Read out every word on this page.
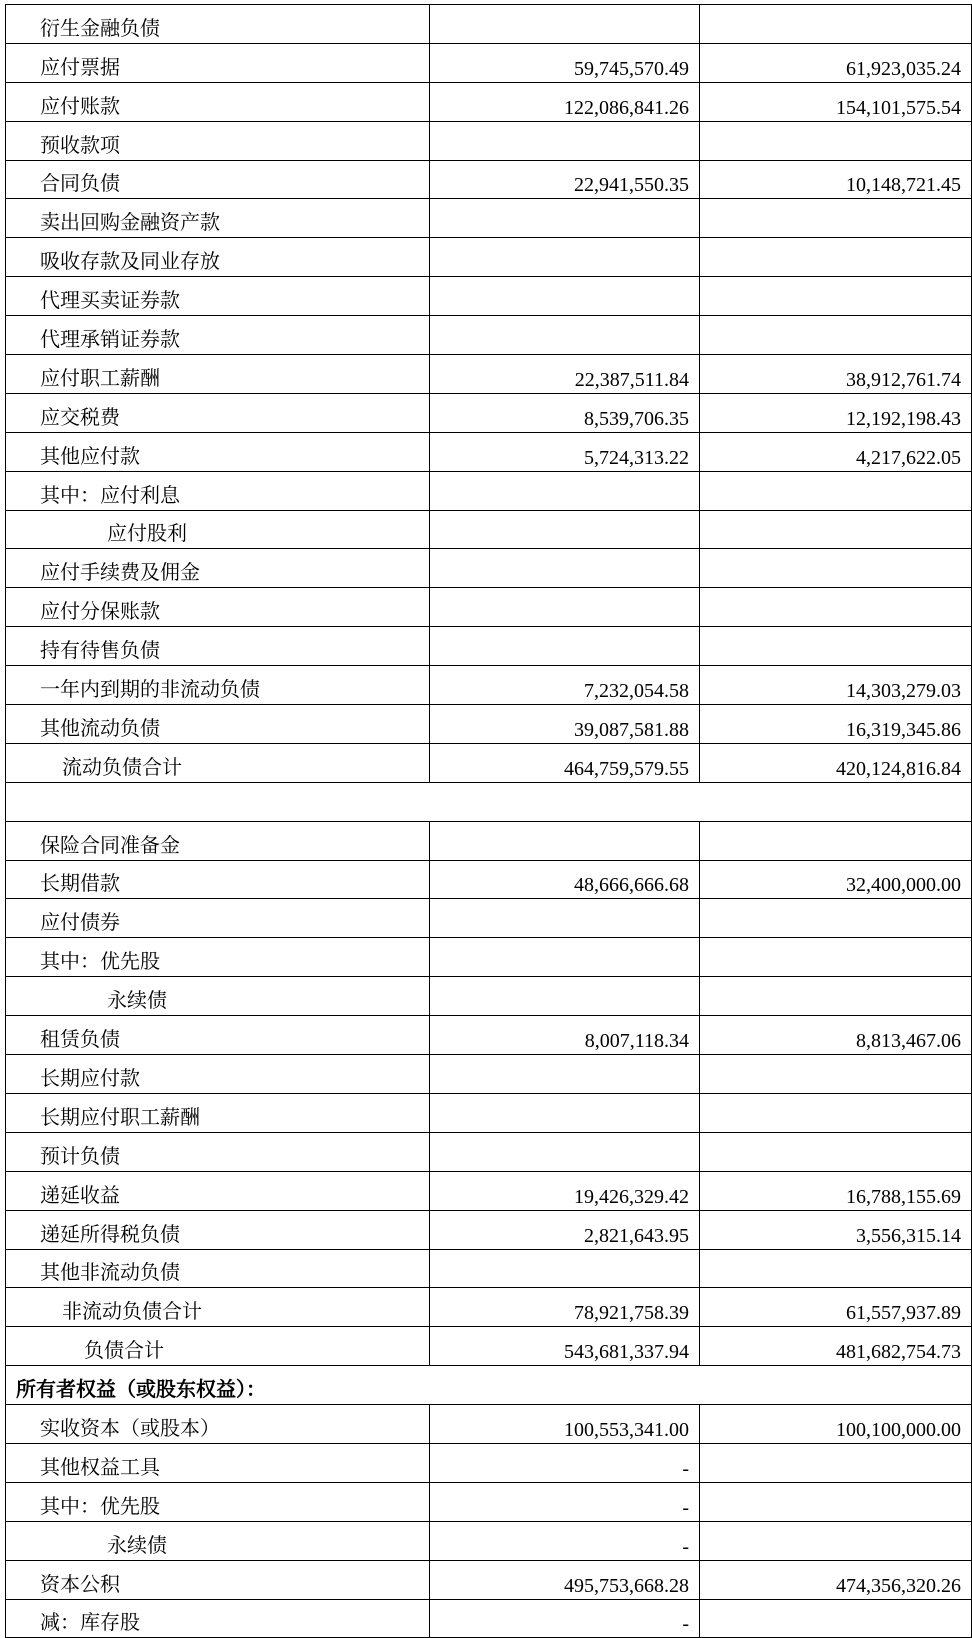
衍生金融负债		
应付票据	59,745,570.49	61,923,035.24
应付账款	122,086,841.26	154,101,575.54
预收款项		
合同负债	22,941,550.35	10,148,721.45
卖出回购金融资产款		
吸收存款及同业存放		
代理买卖证券款		
代理承销证券款		
应付职工薪酬	22,387,511.84	38,912,761.74
应交税费	8,539,706.35	12,192,198.43
其他应付款	5,724,313.22	4,217,622.05
其中：应付利息		
应付股利		
应付手续费及佣金		
应付分保账款		
持有待售负债		
一年内到期的非流动负债	7,232,054.58	14,303,279.03
其他流动负债	39,087,581.88	16,319,345.86
流动负债合计	464,759,579.55	420,124,816.84

保险合同准备金		
长期借款	48,666,666.68	32,400,000.00
应付债券		
其中：优先股		
永续债		
租赁负债	8,007,118.34	8,813,467.06
长期应付款		
长期应付职工薪酬		
预计负债		
递延收益	19,426,329.42	16,788,155.69
递延所得税负债	2,821,643.95	3,556,315.14
其他非流动负债		
非流动负债合计	78,921,758.39	61,557,937.89
负债合计	543,681,337.94	481,682,754.73
所有者权益（或股东权益）：		
实收资本（或股本）	100,553,341.00	100,100,000.00
其他权益工具	-	
其中：优先股	-	
永续债	-	
资本公积	495,753,668.28	474,356,320.26
减：库存股	-	
